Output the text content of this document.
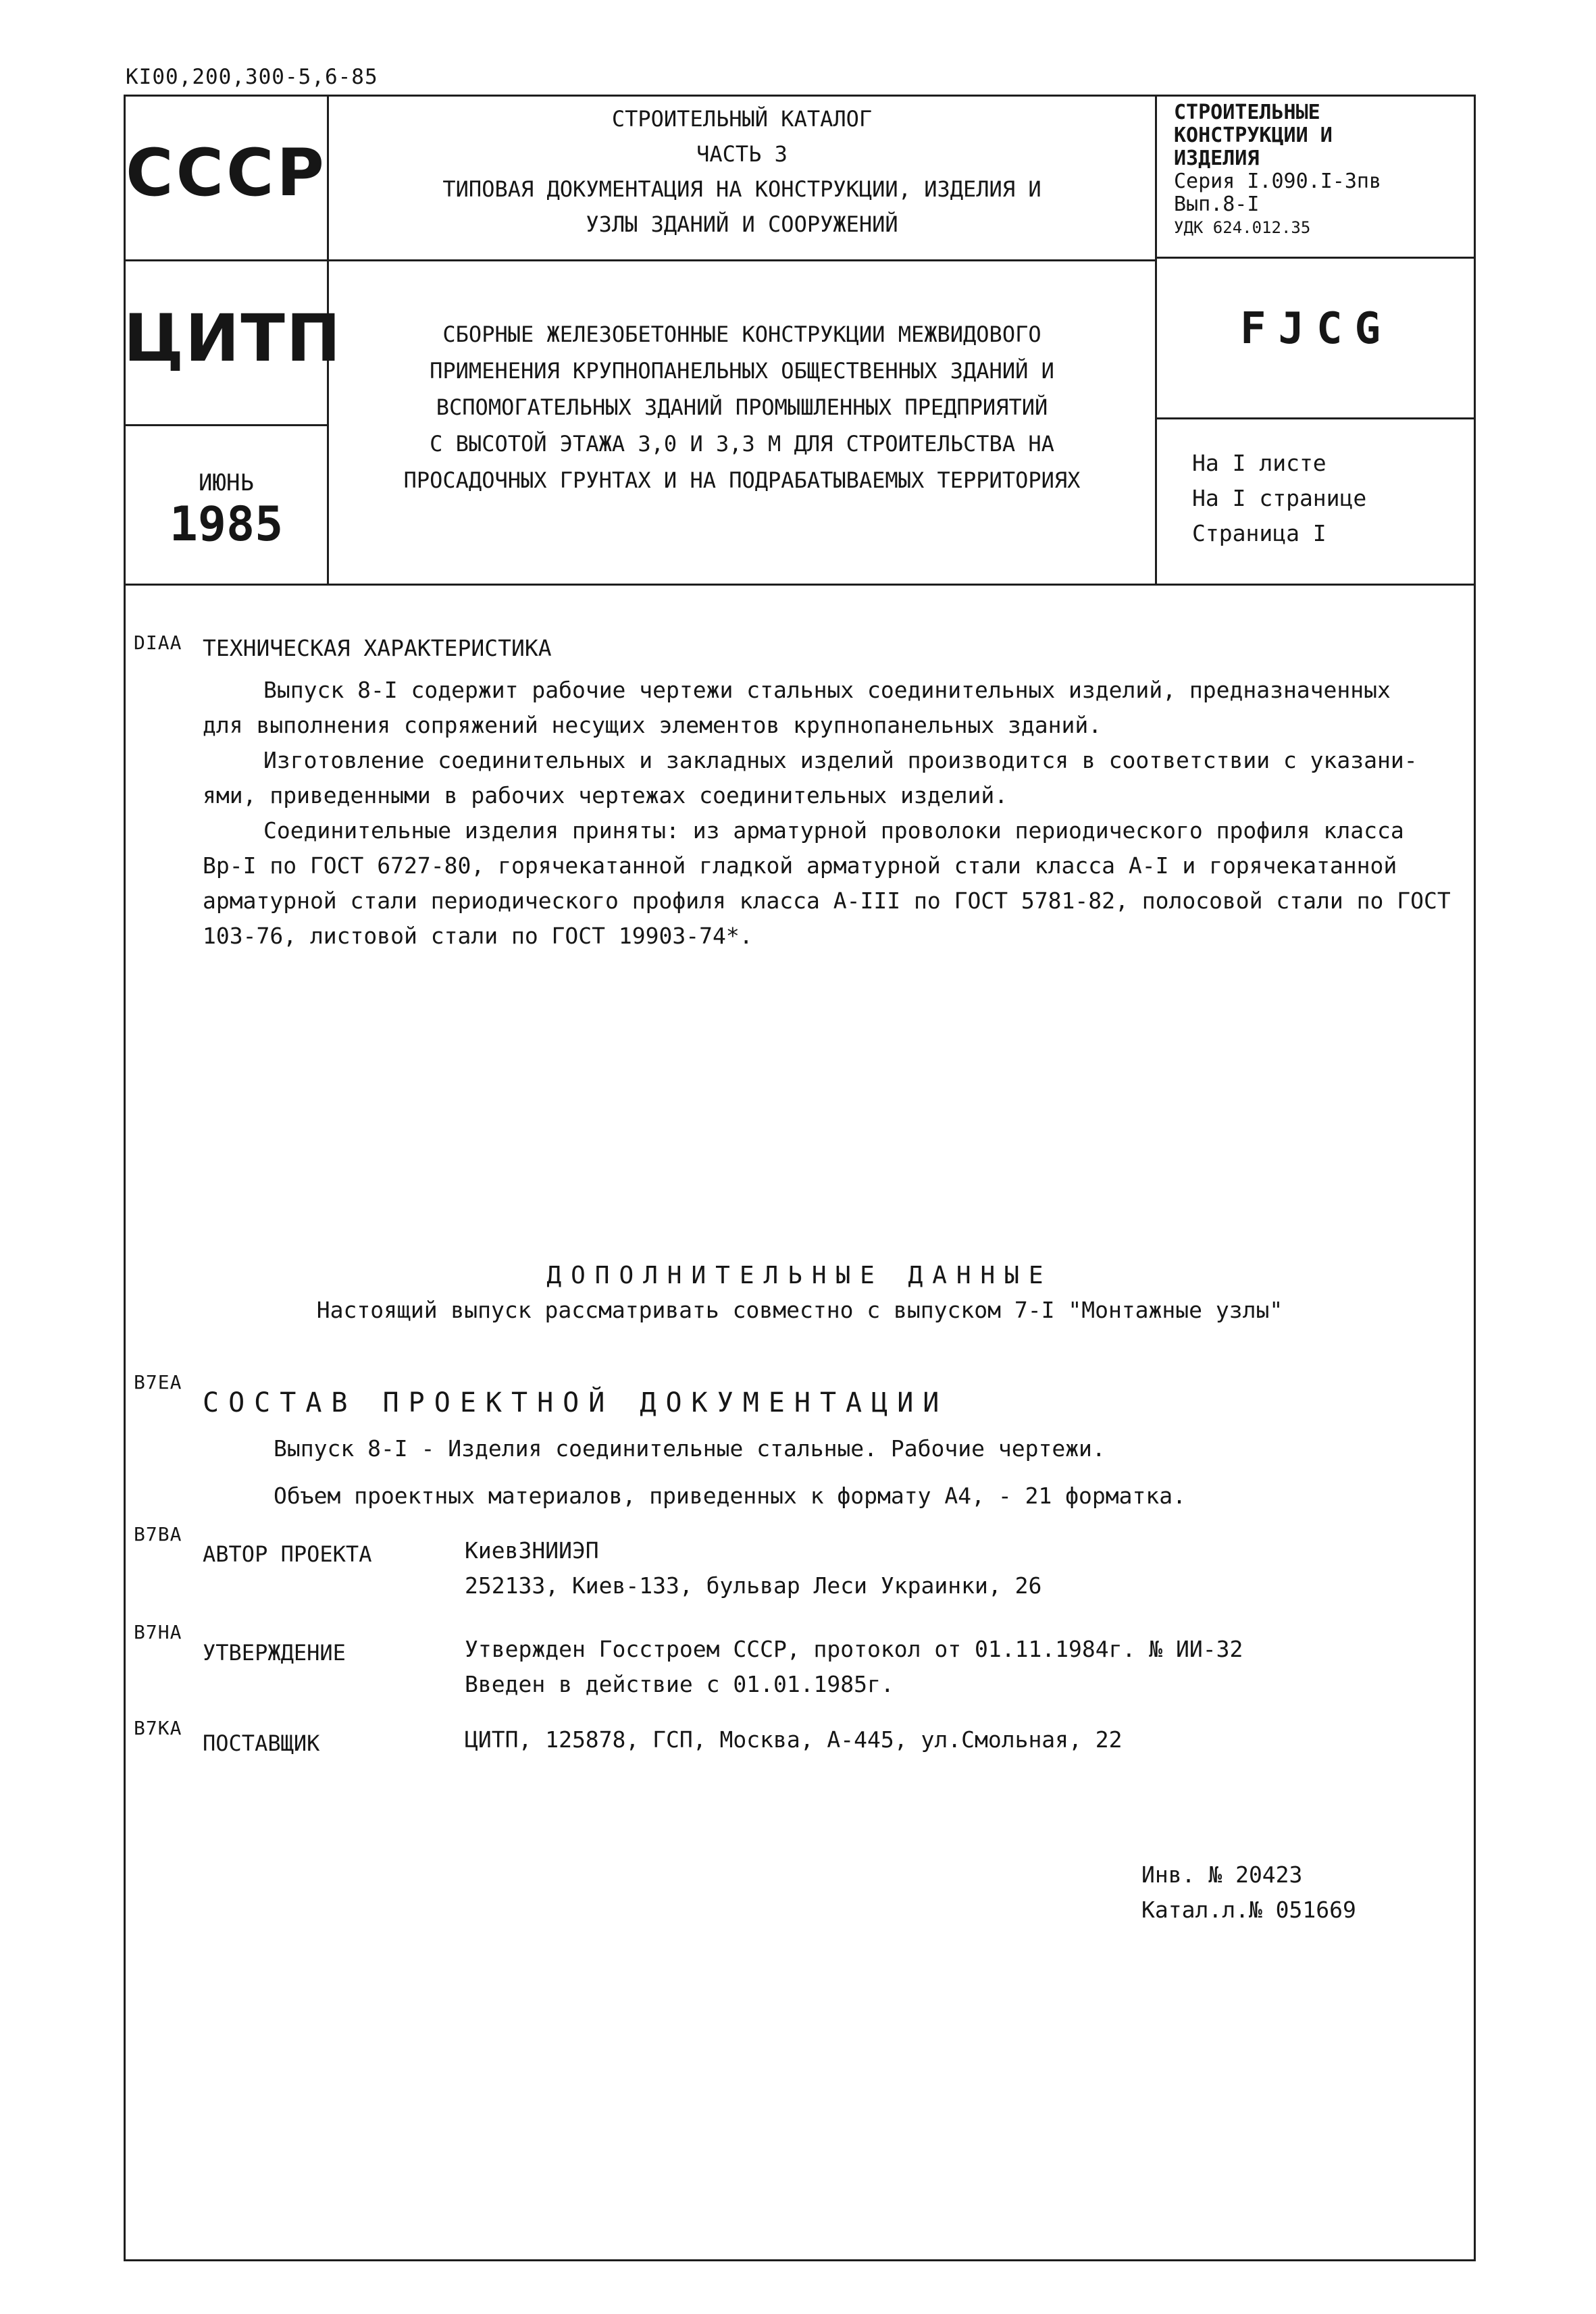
KI00,200,300-5,6-85
СССР
ЦИТП
ИЮНЬ
1985
СТРОИТЕЛЬНЫЙ КАТАЛОГ
ЧАСТЬ 3
ТИПОВАЯ ДОКУМЕНТАЦИЯ НА КОНСТРУКЦИИ, ИЗДЕЛИЯ И
УЗЛЫ ЗДАНИЙ И СООРУЖЕНИЙ
СБОРНЫЕ ЖЕЛЕЗОБЕТОННЫЕ КОНСТРУКЦИИ МЕЖВИДОВОГО
ПРИМЕНЕНИЯ КРУПНОПАНЕЛЬНЫХ ОБЩЕСТВЕННЫХ ЗДАНИЙ И
ВСПОМОГАТЕЛЬНЫХ ЗДАНИЙ ПРОМЫШЛЕННЫХ ПРЕДПРИЯТИЙ
С ВЫСОТОЙ ЭТАЖА 3,0 И 3,3 М ДЛЯ СТРОИТЕЛЬСТВА НА
ПРОСАДОЧНЫХ ГРУНТАХ И НА ПОДРАБАТЫВАЕМЫХ ТЕРРИТОРИЯХ
СТРОИТЕЛЬНЫЕ
КОНСТРУКЦИИ И
ИЗДЕЛИЯ
Серия I.090.I-3пв
Вып.8-I
УДК 624.012.35
FJCG
На I листе
На I странице
Страница I
DIAA ТЕХНИЧЕСКАЯ ХАРАКТЕРИСТИКА
Выпуск 8-I содержит рабочие чертежи стальных соединительных изделий, предназначенных
для выполнения сопряжений несущих элементов крупнопанельных зданий.
Изготовление соединительных и закладных изделий производится в соответствии с указани-
ями, приведенными в рабочих чертежах соединительных изделий.
Соединительные изделия приняты: из арматурной проволоки периодического профиля класса
Вр-I по ГОСТ 6727-80, горячекатанной гладкой арматурной стали класса А-I и горячекатанной
арматурной стали периодического профиля класса А-III по ГОСТ 5781-82, полосовой стали по ГОСТ
103-76, листовой стали по ГОСТ 19903-74*.
ДОПОЛНИТЕЛЬНЫЕ ДАННЫЕ
Настоящий выпуск рассматривать совместно с выпуском 7-I "Монтажные узлы"
B7EA
СОСТАВ ПРОЕКТНОЙ ДОКУМЕНТАЦИИ
Выпуск 8-I - Изделия соединительные стальные. Рабочие чертежи.
Объем проектных материалов, приведенных к формату А4, - 21 форматка.
B7BA
АВТОР ПРОЕКТА	КиевЗНИИЭП
252133, Киев-133, бульвар Леси Украинки, 26
B7HA
УТВЕРЖДЕНИЕ	Утвержден Госстроем СССР, протокол от 01.11.1984г. № ИИ-32
Введен в действие с 01.01.1985г.
B7KA
ПОСТАВЩИК	ЦИТП, 125878, ГСП, Москва, А-445, ул.Смольная, 22
Инв. № 20423
Катал.л.№ 051669
